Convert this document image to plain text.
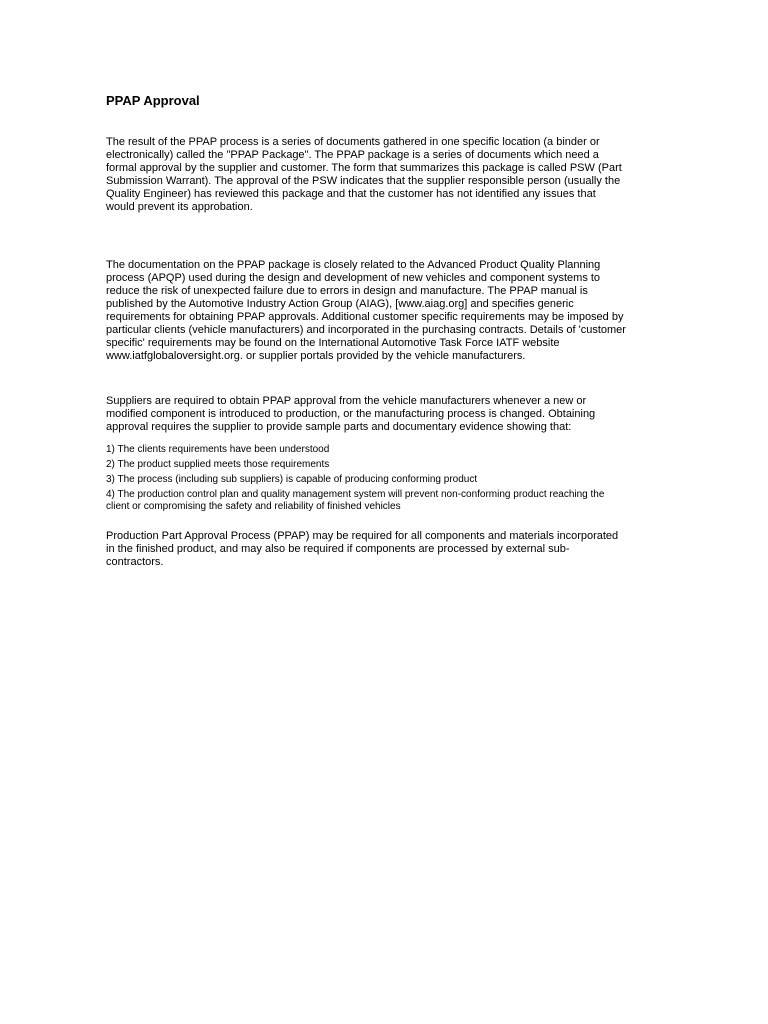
PPAP Approval

The result of the PPAP process is a series of documents gathered in one specific location (a binder or electronically) called the "PPAP Package". The PPAP package is a series of documents which need a formal approval by the supplier and customer. The form that summarizes this package is called PSW (Part Submission Warrant). The approval of the PSW indicates that the supplier responsible person (usually the Quality Engineer) has reviewed this package and that the customer has not identified any issues that would prevent its approbation.

The documentation on the PPAP package is closely related to the Advanced Product Quality Planning process (APQP) used during the design and development of new vehicles and component systems to reduce the risk of unexpected failure due to errors in design and manufacture. The PPAP manual is published by the Automotive Industry Action Group (AIAG), [www.aiag.org] and specifies generic requirements for obtaining PPAP approvals. Additional customer specific requirements may be imposed by particular clients (vehicle manufacturers) and incorporated in the purchasing contracts. Details of 'customer specific' requirements may be found on the International Automotive Task Force IATF website www.iatfglobaloversight.org. or supplier portals provided by the vehicle manufacturers.

Suppliers are required to obtain PPAP approval from the vehicle manufacturers whenever a new or modified component is introduced to production, or the manufacturing process is changed. Obtaining approval requires the supplier to provide sample parts and documentary evidence showing that:

1) The clients requirements have been understood
2) The product supplied meets those requirements
3) The process (including sub suppliers) is capable of producing conforming product
4) The production control plan and quality management system will prevent non-conforming product reaching the client or compromising the safety and reliability of finished vehicles

Production Part Approval Process (PPAP) may be required for all components and materials incorporated in the finished product, and may also be required if components are processed by external sub-contractors.
